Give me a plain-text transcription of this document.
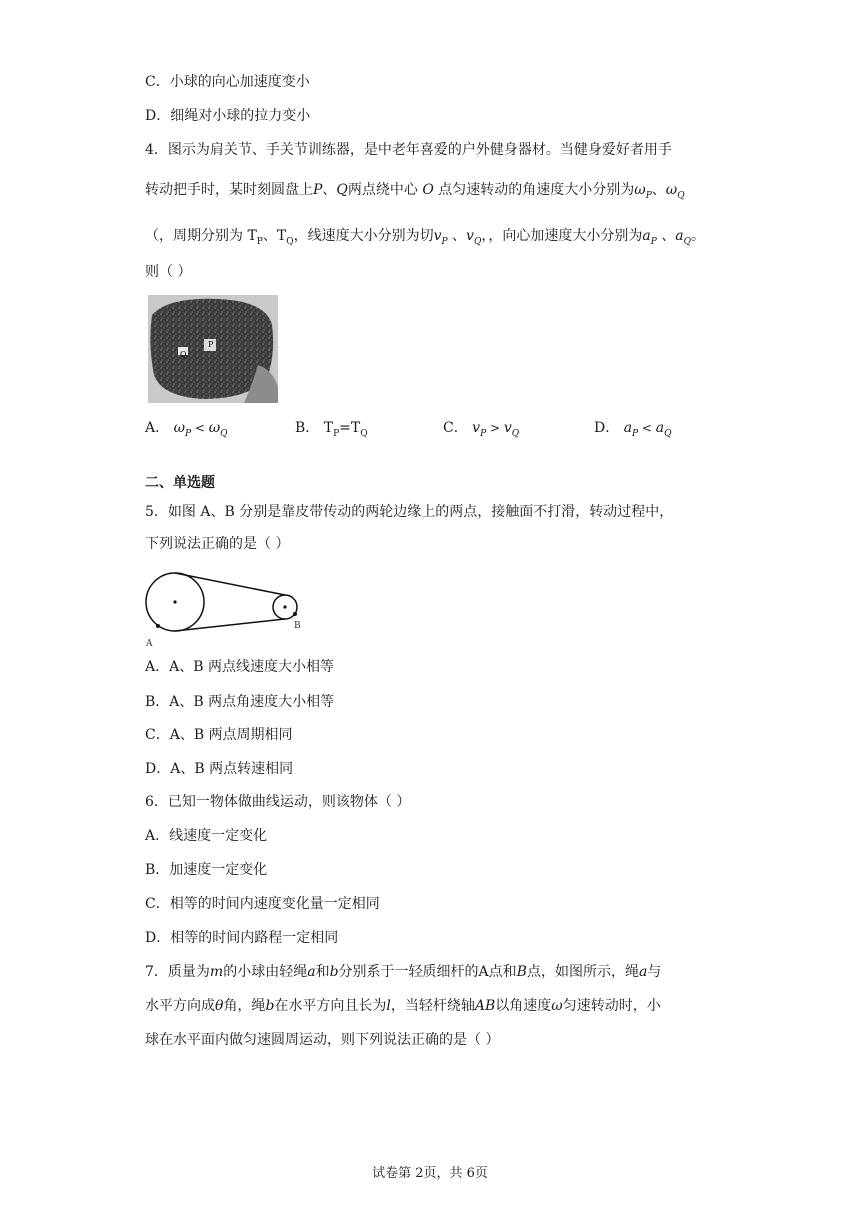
C．小球的向心加速度变小
D．细绳对小球的拉力变小
4．图示为肩关节、手关节训练器，是中老年喜爱的户外健身器材。当健身爱好者用手
转动把手时，某时刻圆盘上P、Q两点绕中心 O 点匀速转动的角速度大小分别为$\omega_P$、$\omega_Q$
（，周期分别为 $T_P$、$T_Q$，线速度大小分别为切$v_P$ 、$v_Q$，，向心加速度大小分别为$a_P$ 、$a_Q$。
则（ ）
Q
P
A． $\omega_P < \omega_Q$	B． $T_P=T_Q$	C． $v_P > v_Q$	D． $a_P < a_Q$
二、单选题
5．如图 A、B 分别是靠皮带传动的两轮边缘上的两点，接触面不打滑，转动过程中，
下列说法正确的是（ ）
A
B
A．A、B 两点线速度大小相等
B．A、B 两点角速度大小相等
C．A、B 两点周期相同
D．A、B 两点转速相同
6．已知一物体做曲线运动，则该物体（ ）
A．线速度一定变化
B．加速度一定变化
C．相等的时间内速度变化量一定相同
D．相等的时间内路程一定相同
7．质量为m的小球由轻绳a和b分别系于一轻质细杆的A点和B点，如图所示，绳a与
水平方向成θ角，绳b在水平方向且长为l，当轻杆绕轴AB以角速度ω匀速转动时，小
球在水平面内做匀速圆周运动，则下列说法正确的是（ ）
试卷第 2页，共 6页
